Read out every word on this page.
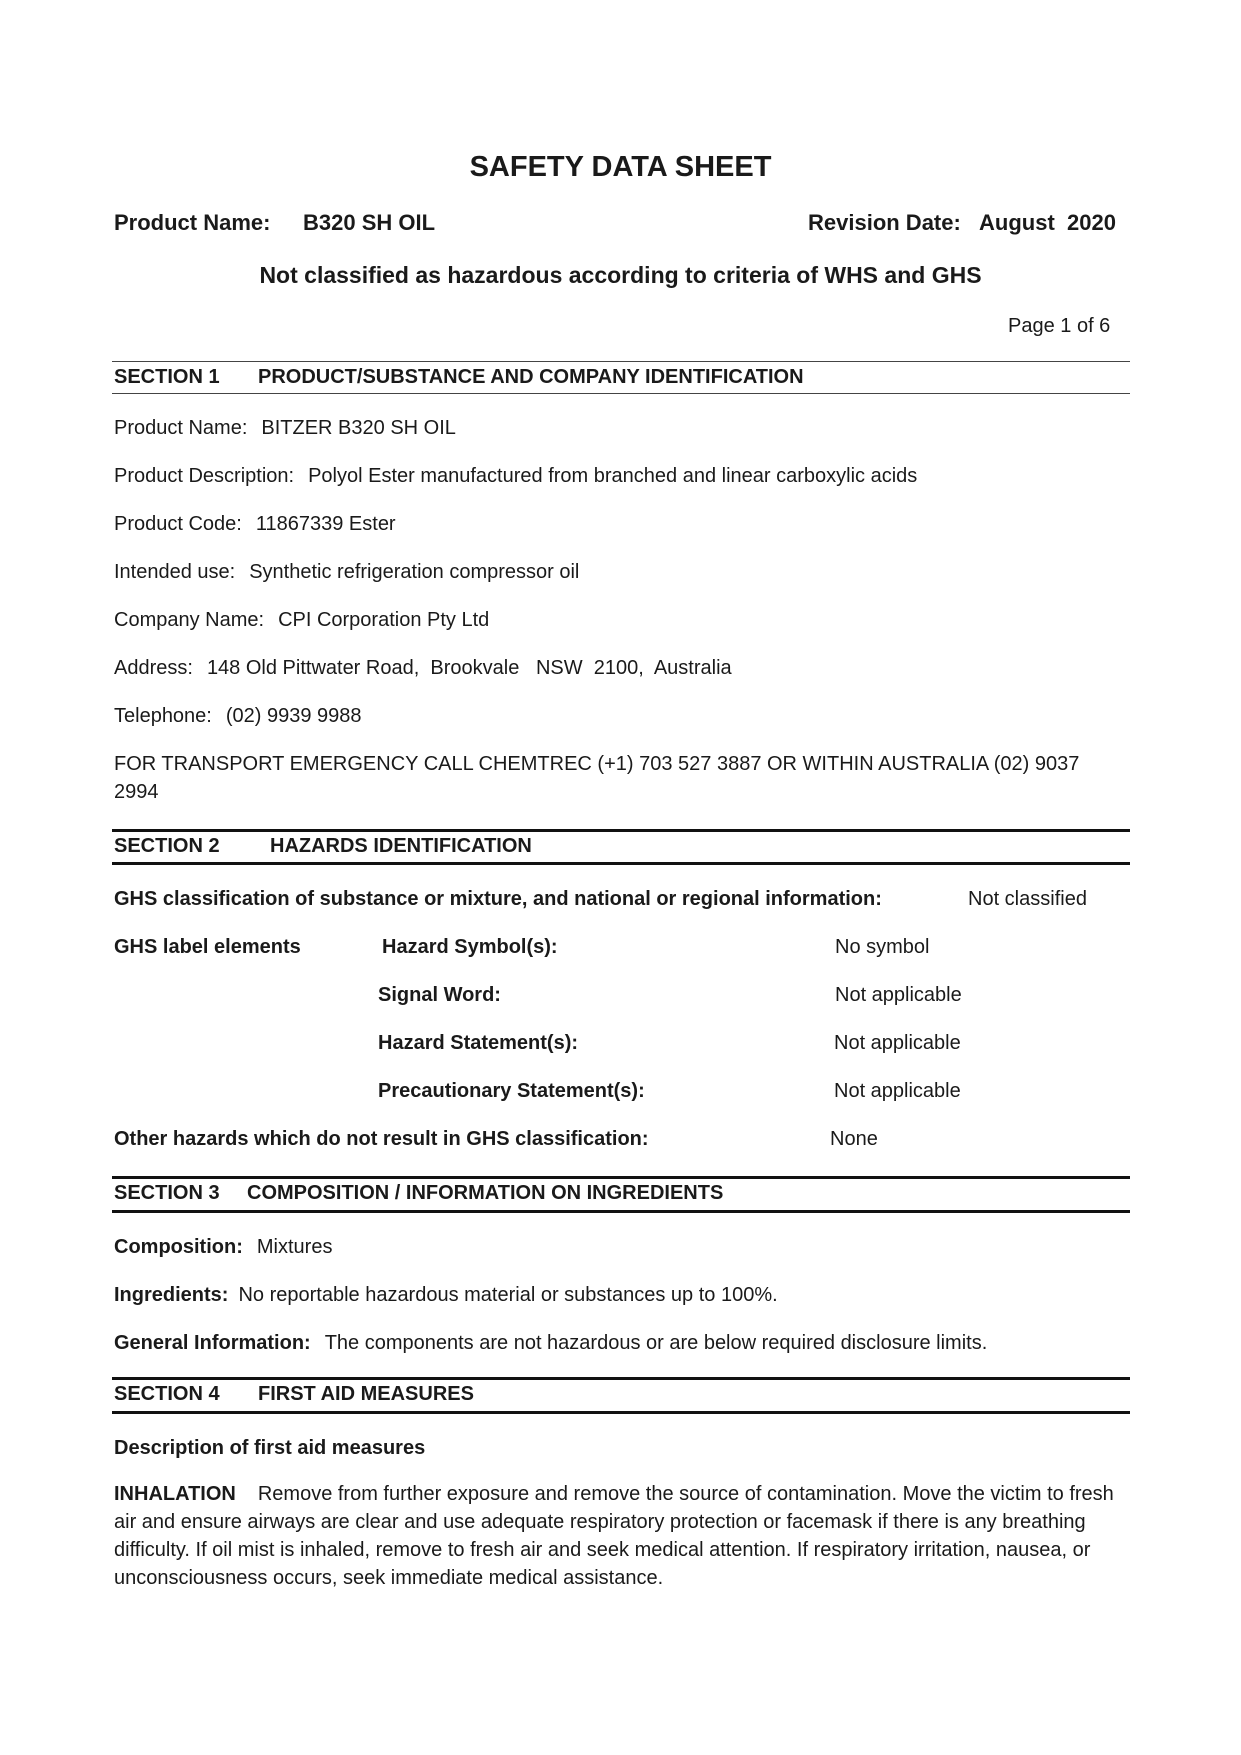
SAFETY DATA SHEET
Product Name: B320 SH OIL	Revision Date: August  2020
Not classified as hazardous according to criteria of WHS and GHS
Page 1 of 6
SECTION 1 PRODUCT/SUBSTANCE AND COMPANY IDENTIFICATION
Product Name: BITZER B320 SH OIL
Product Description: Polyol Ester manufactured from branched and linear carboxylic acids
Product Code: 11867339 Ester
Intended use: Synthetic refrigeration compressor oil
Company Name: CPI Corporation Pty Ltd
Address: 148 Old Pittwater Road,  Brookvale   NSW  2100,  Australia
Telephone: (02) 9939 9988
FOR TRANSPORT EMERGENCY CALL CHEMTREC (+1) 703 527 3887 OR WITHIN AUSTRALIA (02) 9037 2994
SECTION 2	HAZARDS IDENTIFICATION
GHS classification of substance or mixture, and national or regional information:	Not classified
GHS label elements	Hazard Symbol(s):	No symbol
Signal Word:	Not applicable
Hazard Statement(s):	Not applicable
Precautionary Statement(s):	Not applicable
Other hazards which do not result in GHS classification:	None
SECTION 3 COMPOSITION / INFORMATION ON INGREDIENTS
Composition: Mixtures
Ingredients: No reportable hazardous material or substances up to 100%.
General Information: The components are not hazardous or are below required disclosure limits.
SECTION 4 FIRST AID MEASURES
Description of first aid measures
INHALATION Remove from further exposure and remove the source of contamination. Move the victim to fresh air and ensure airways are clear and use adequate respiratory protection or facemask if there is any breathing difficulty. If oil mist is inhaled, remove to fresh air and seek medical attention. If respiratory irritation, nausea, or unconsciousness occurs, seek immediate medical assistance.
